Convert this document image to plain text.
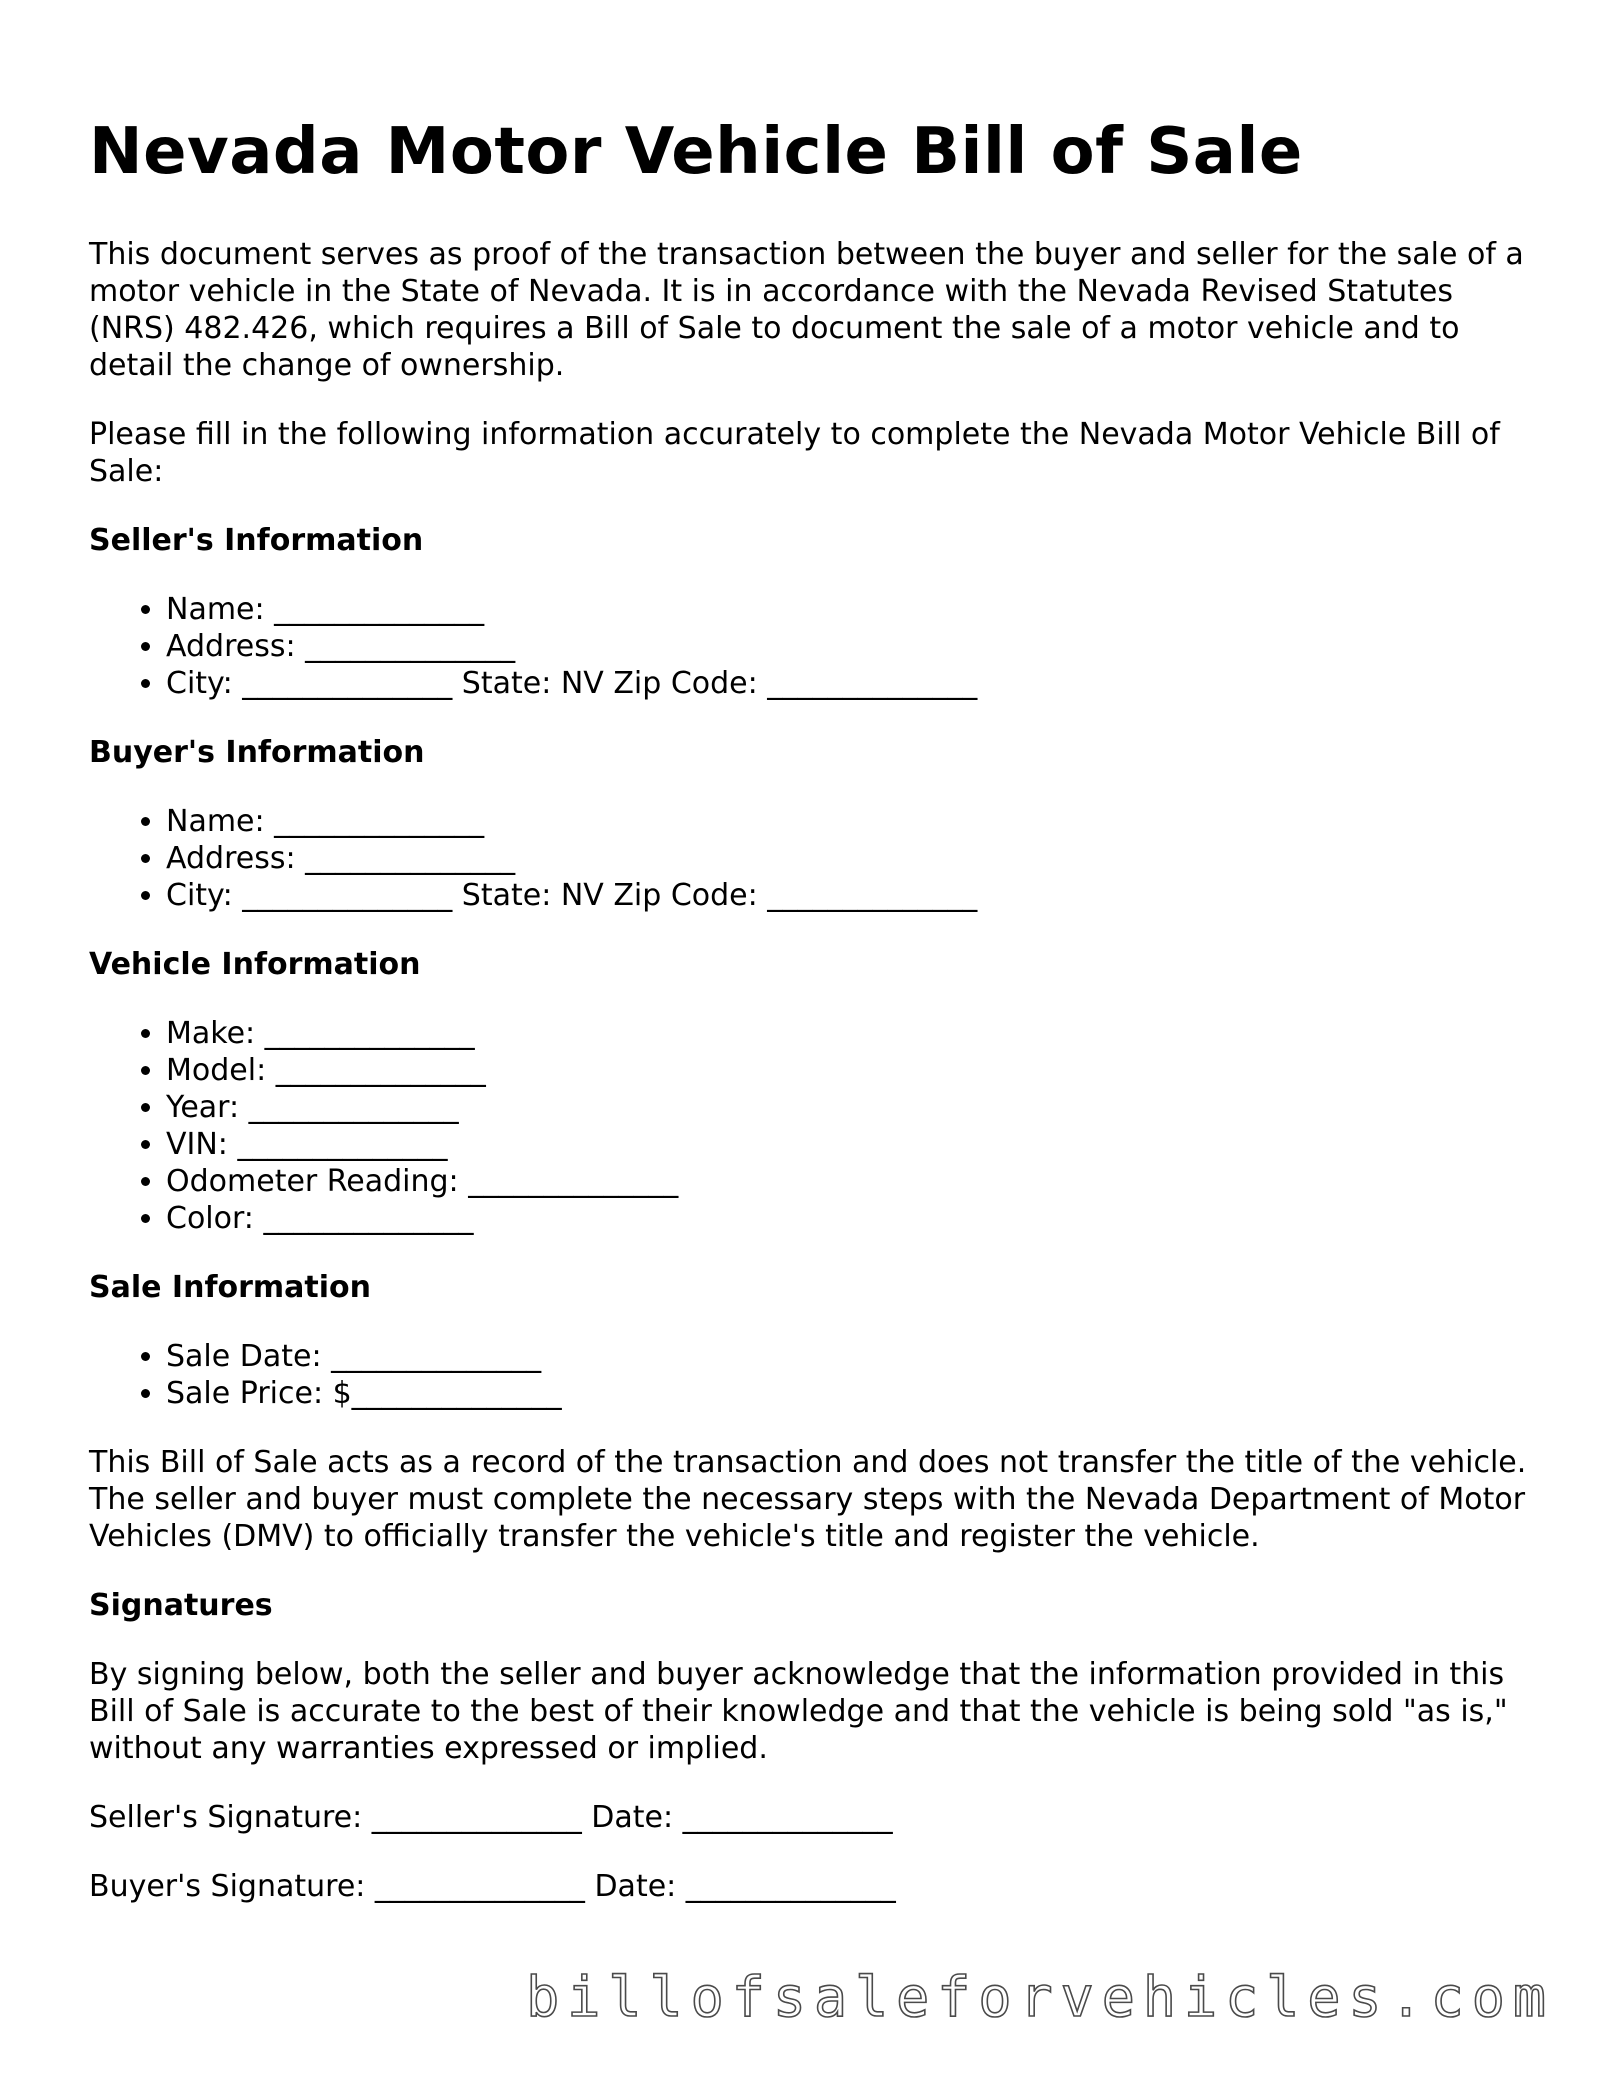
Nevada Motor Vehicle Bill of Sale

This document serves as proof of the transaction between the buyer and seller for the sale of a motor vehicle in the State of Nevada. It is in accordance with the Nevada Revised Statutes (NRS) 482.426, which requires a Bill of Sale to document the sale of a motor vehicle and to detail the change of ownership.

Please fill in the following information accurately to complete the Nevada Motor Vehicle Bill of Sale:

Seller's Information
• Name: ______________
• Address: ______________
• City: ______________ State: NV Zip Code: ______________
Buyer's Information
• Name: ______________
• Address: ______________
• City: ______________ State: NV Zip Code: ______________
Vehicle Information
• Make: ______________
• Model: ______________
• Year: ______________
• VIN: ______________
• Odometer Reading: ______________
• Color: ______________
Sale Information
• Sale Date: ______________
• Sale Price: $______________

This Bill of Sale acts as a record of the transaction and does not transfer the title of the vehicle. The seller and buyer must complete the necessary steps with the Nevada Department of Motor Vehicles (DMV) to officially transfer the vehicle's title and register the vehicle.

Signatures

By signing below, both the seller and buyer acknowledge that the information provided in this Bill of Sale is accurate to the best of their knowledge and that the vehicle is being sold "as is," without any warranties expressed or implied.

Seller's Signature: ______________ Date: ______________
Buyer's Signature: ______________ Date: ______________
billofsaleforvehicles.com
